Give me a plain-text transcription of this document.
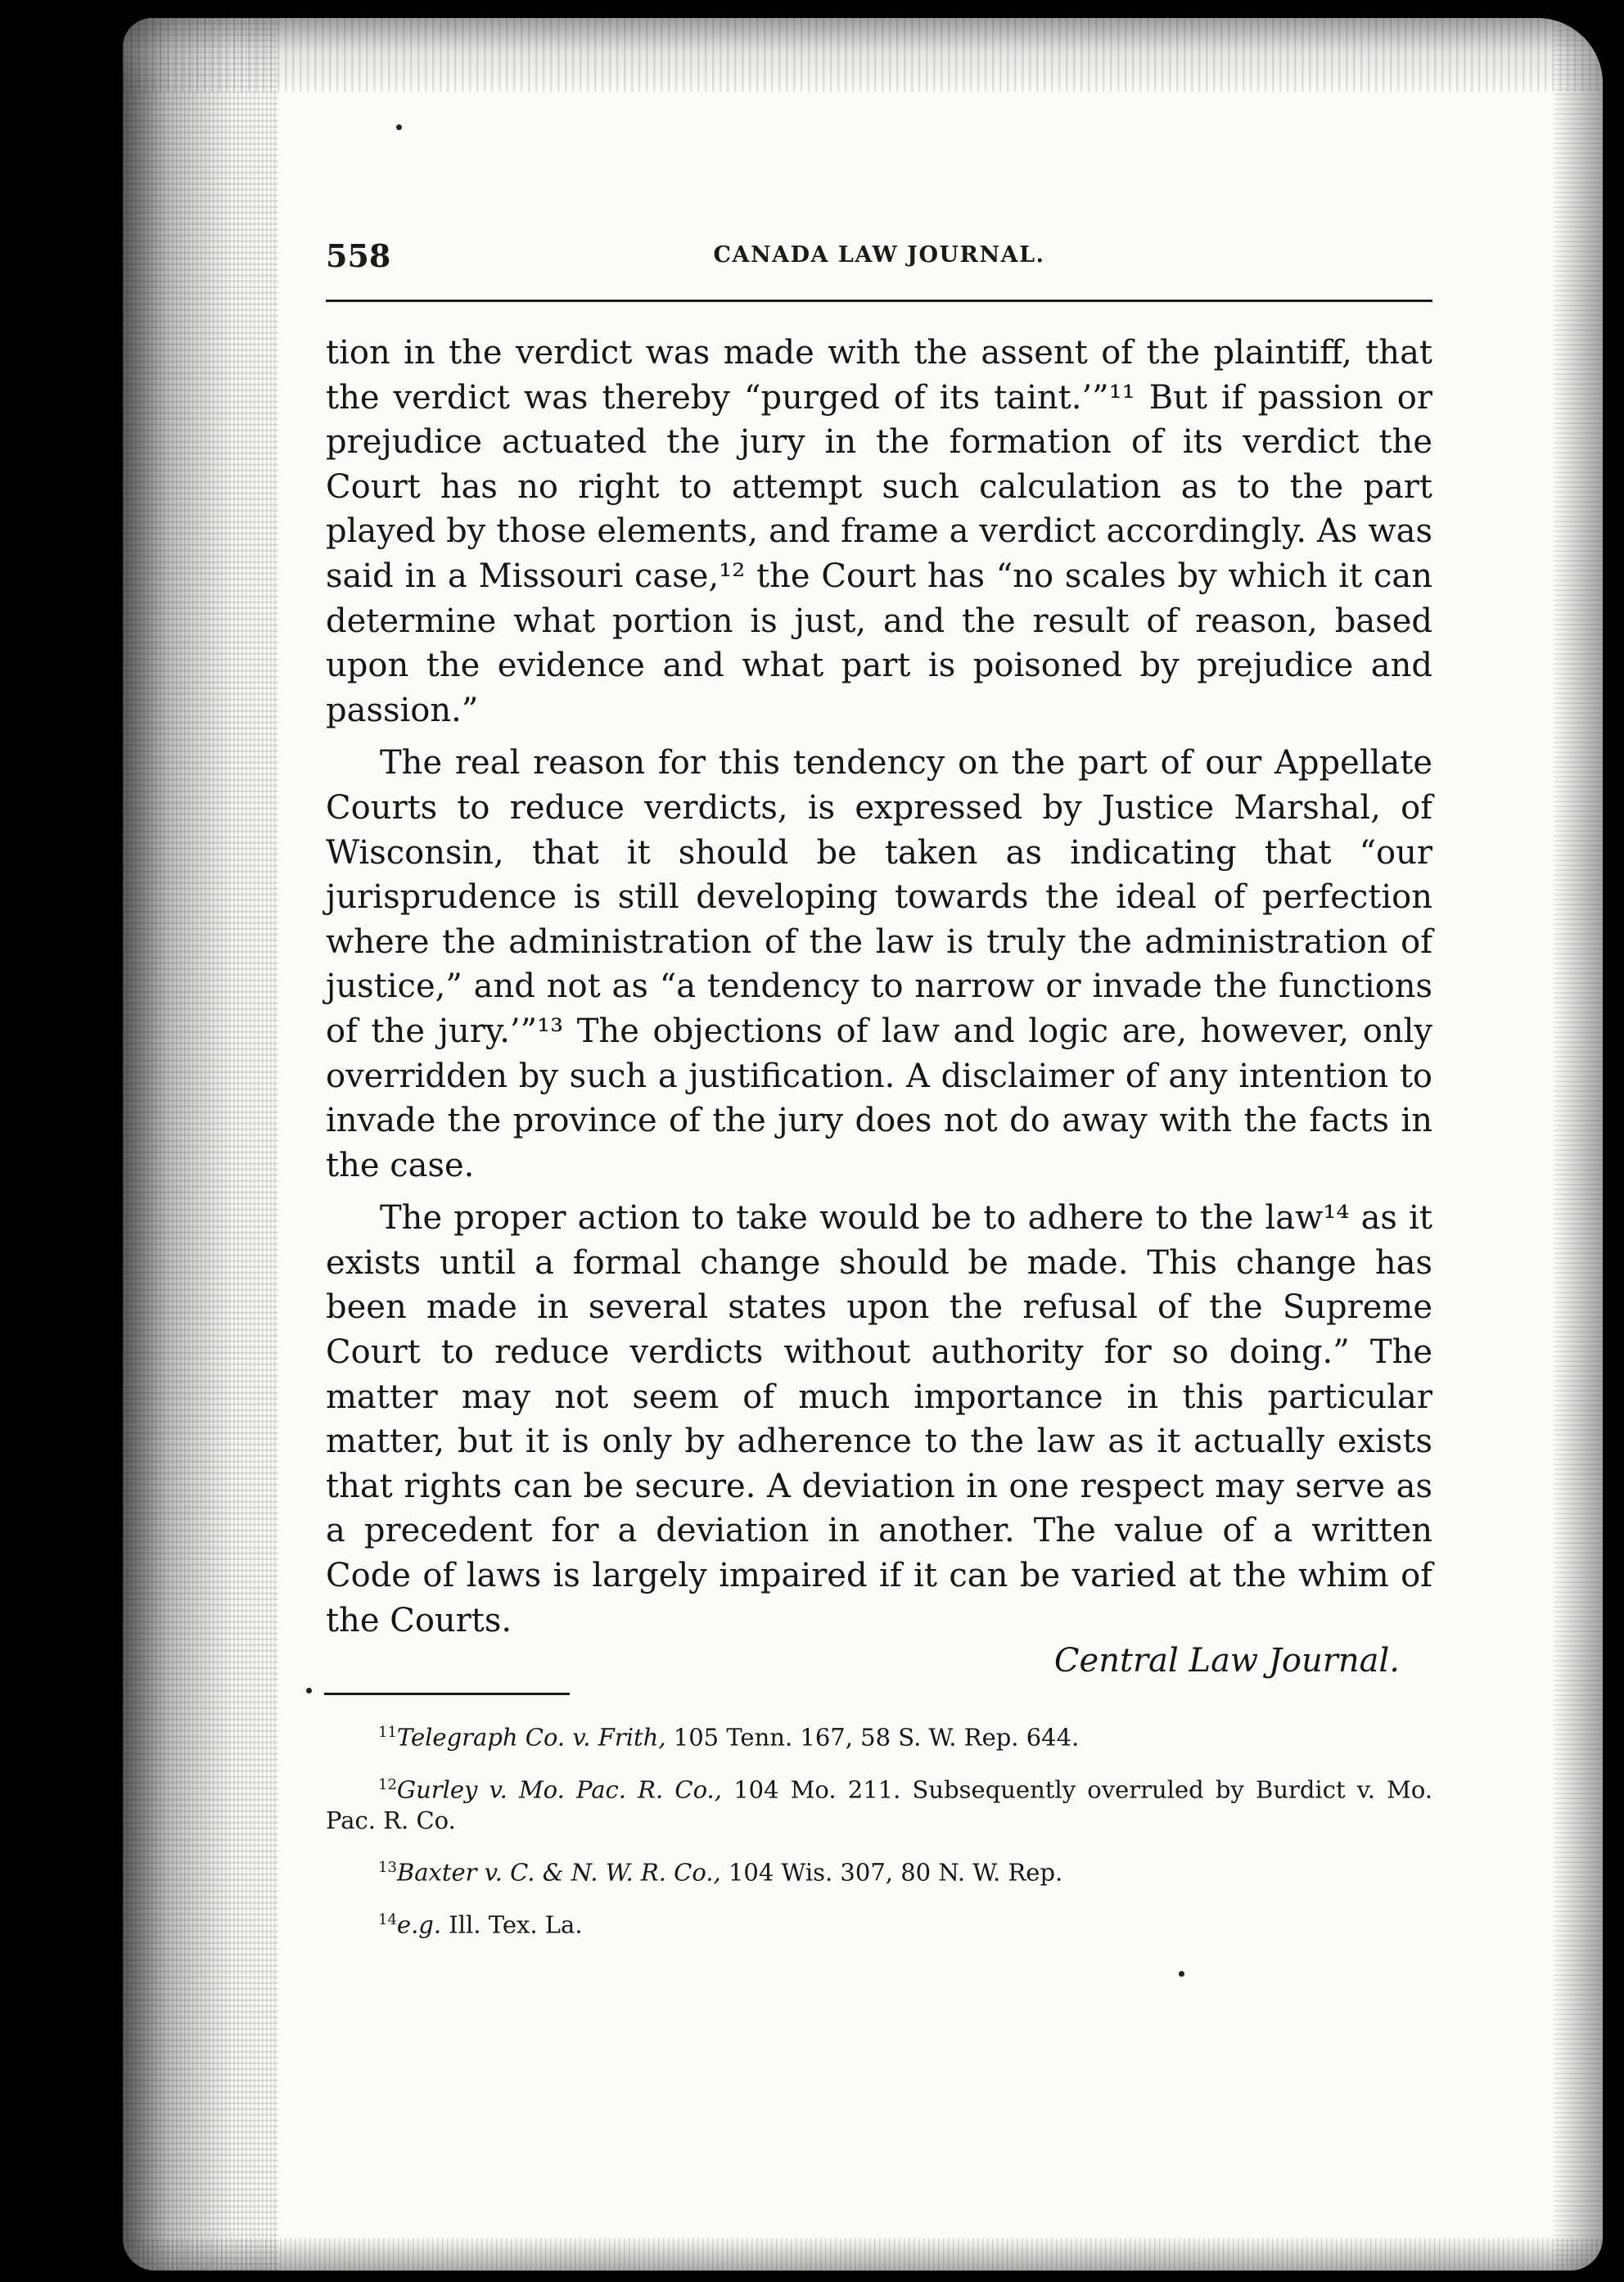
558	CANADA LAW JOURNAL.

tion in the verdict was made with the assent of the plaintiff, that the verdict was thereby “purged of its taint.’”¹¹ But if passion or prejudice actuated the jury in the formation of its verdict the Court has no right to attempt such calculation as to the part played by those elements, and frame a verdict accordingly. As was said in a Missouri case,¹² the Court has “no scales by which it can determine what portion is just, and the result of reason, based upon the evidence and what part is poisoned by prejudice and passion.”

The real reason for this tendency on the part of our Appellate Courts to reduce verdicts, is expressed by Justice Marshal, of Wisconsin, that it should be taken as indicating that “our jurisprudence is still developing towards the ideal of perfection where the administration of the law is truly the administration of justice,” and not as “a tendency to narrow or invade the functions of the jury.’”¹³ The objections of law and logic are, however, only overridden by such a justification. A disclaimer of any intention to invade the province of the jury does not do away with the facts in the case.

The proper action to take would be to adhere to the law¹⁴ as it exists until a formal change should be made. This change has been made in several states upon the refusal of the Supreme Court to reduce verdicts without authority for so doing.” The matter may not seem of much importance in this particular matter, but it is only by adherence to the law as it actually exists that rights can be secure. A deviation in one respect may serve as a precedent for a deviation in another. The value of a written Code of laws is largely impaired if it can be varied at the whim of the Courts.

Central Law Journal.

$^{11}$Telegraph Co. v. Frith, 105 Tenn. 167, 58 S. W. Rep. 644.

$^{12}$Gurley v. Mo. Pac. R. Co., 104 Mo. 211. Subsequently overruled by Burdict v. Mo. Pac. R. Co.

$^{13}$Baxter v. C. & N. W. R. Co., 104 Wis. 307, 80 N. W. Rep.

$^{14}$e.g. Ill. Tex. La.
